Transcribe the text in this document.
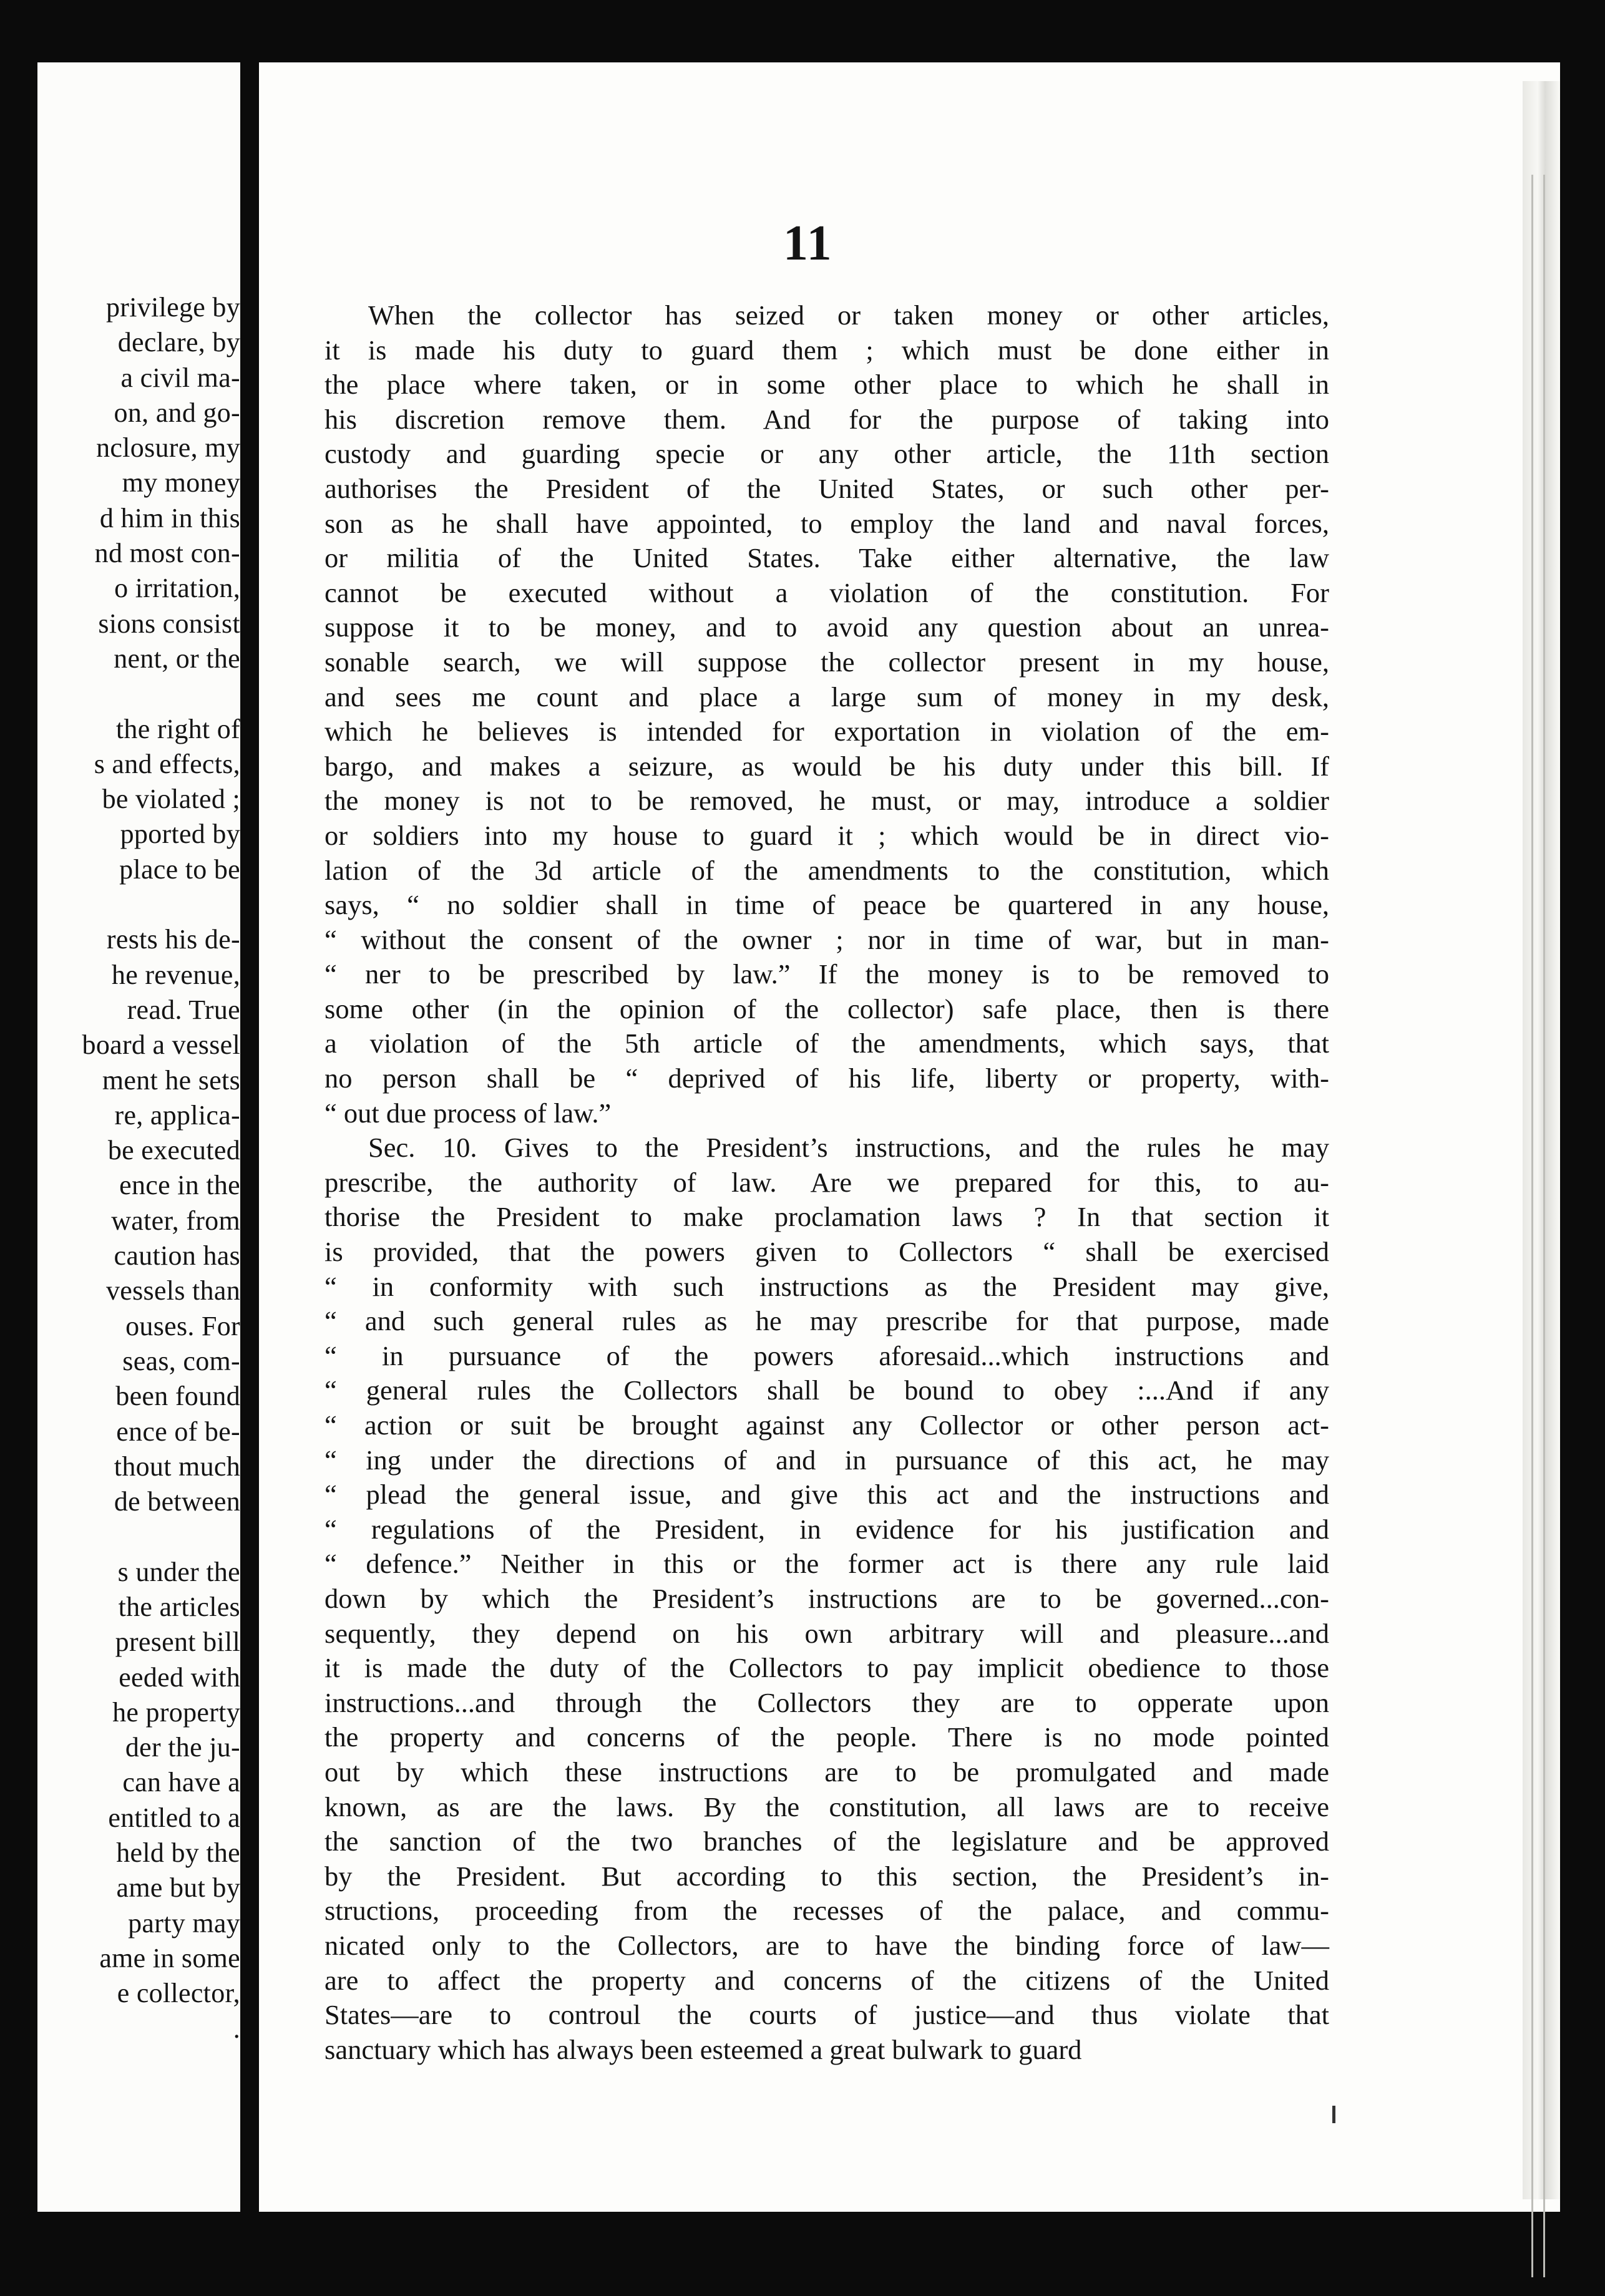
privilege by
declare, by
a civil ma-
on, and go-
nclosure, my
my money
d him in this
nd most con-
o irritation,
sions consist
nent, or the
the right of
s and effects,
be violated ;
pported by
place to be
rests his de-
he revenue,
read. True
board a vessel
ment he sets
re, applica-
be executed
ence in the
water, from
caution has
vessels than
ouses. For
seas, com-
been found
ence of be-
thout much
de between
s under the
the articles
present bill
eeded with
he property
der the ju-
can have a
entitled to a
held by the
ame but by
party may
ame in some
e collector,
.
11
When the collector has seized or taken money or other articles,
it is made his duty to guard them ; which must be done either in
the place where taken, or in some other place to which he shall in
his discretion remove them. And for the purpose of taking into
custody and guarding specie or any other article, the 11th section
authorises the President of the United States, or such other per-
son as he shall have appointed, to employ the land and naval forces,
or militia of the United States. Take either alternative, the law
cannot be executed without a violation of the constitution. For
suppose it to be money, and to avoid any question about an unrea-
sonable search, we will suppose the collector present in my house,
and sees me count and place a large sum of money in my desk,
which he believes is intended for exportation in violation of the em-
bargo, and makes a seizure, as would be his duty under this bill. If
the money is not to be removed, he must, or may, introduce a soldier
or soldiers into my house to guard it ; which would be in direct vio-
lation of the 3d article of the amendments to the constitution, which
says, “ no soldier shall in time of peace be quartered in any house,
“ without the consent of the owner ; nor in time of war, but in man-
“ ner to be prescribed by law.” If the money is to be removed to
some other (in the opinion of the collector) safe place, then is there
a violation of the 5th article of the amendments, which says, that
no person shall be “ deprived of his life, liberty or property, with-
“ out due process of law.”
Sec. 10. Gives to the President’s instructions, and the rules he may
prescribe, the authority of law. Are we prepared for this, to au-
thorise the President to make proclamation laws ? In that section it
is provided, that the powers given to Collectors “ shall be exercised
“ in conformity with such instructions as the President may give,
“ and such general rules as he may prescribe for that purpose, made
“ in pursuance of the powers aforesaid...which instructions and
“ general rules the Collectors shall be bound to obey :...And if any
“ action or suit be brought against any Collector or other person act-
“ ing under the directions of and in pursuance of this act, he may
“ plead the general issue, and give this act and the instructions and
“ regulations of the President, in evidence for his justification and
“ defence.” Neither in this or the former act is there any rule laid
down by which the President’s instructions are to be governed...con-
sequently, they depend on his own arbitrary will and pleasure...and
it is made the duty of the Collectors to pay implicit obedience to those
instructions...and through the Collectors they are to opperate upon
the property and concerns of the people. There is no mode pointed
out by which these instructions are to be promulgated and made
known, as are the laws. By the constitution, all laws are to receive
the sanction of the two branches of the legislature and be approved
by the President. But according to this section, the President’s in-
structions, proceeding from the recesses of the palace, and commu-
nicated only to the Collectors, are to have the binding force of law—
are to affect the property and concerns of the citizens of the United
States—are to controul the courts of justice—and thus violate that
sanctuary which has always been esteemed a great bulwark to guard
